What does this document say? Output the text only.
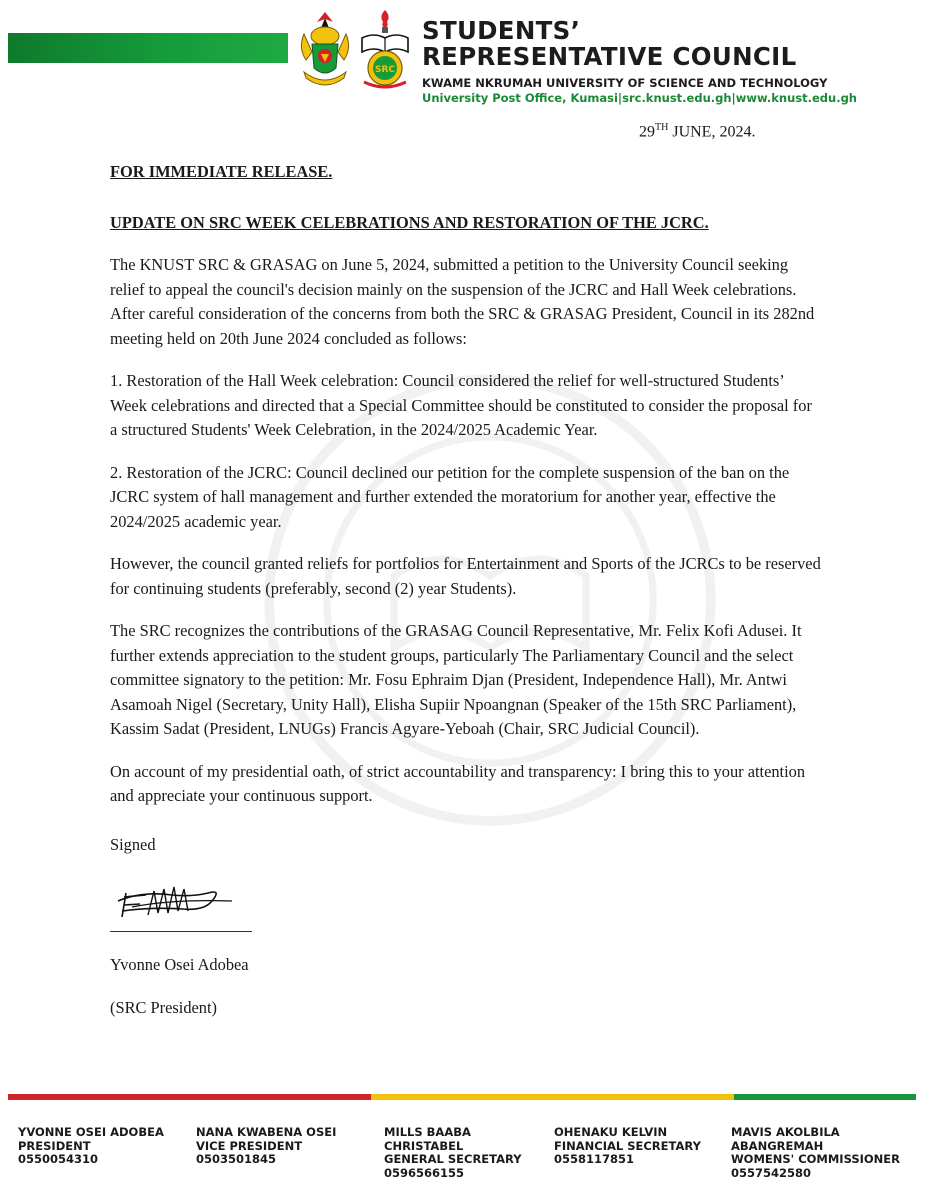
SRC
STUDENTS’
REPRESENTATIVE COUNCIL
KWAME NKRUMAH UNIVERSITY OF SCIENCE AND TECHNOLOGY
University Post Office, Kumasi|src.knust.edu.gh|www.knust.edu.gh
29TH JUNE, 2024.

FOR IMMEDIATE RELEASE.

UPDATE ON SRC WEEK CELEBRATIONS AND RESTORATION OF THE JCRC.

The KNUST SRC & GRASAG on June 5, 2024, submitted a petition to the University Council seeking relief to appeal the council's decision mainly on the suspension of the JCRC and Hall Week celebrations. After careful consideration of the concerns from both the SRC & GRASAG President, Council in its 282nd meeting held on 20th June 2024 concluded as follows:

1. Restoration of the Hall Week celebration: Council considered the relief for well-structured Students’ Week celebrations and directed that a Special Committee should be constituted to consider the proposal for a structured Students' Week Celebration, in the 2024/2025 Academic Year.

2. Restoration of the JCRC: Council declined our petition for the complete suspension of the ban on the JCRC system of hall management and further extended the moratorium for another year, effective the 2024/2025 academic year.

However, the council granted reliefs for portfolios for Entertainment and Sports of the JCRCs to be reserved for continuing students (preferably, second (2) year Students).

The SRC recognizes the contributions of the GRASAG Council Representative, Mr. Felix Kofi Adusei. It further extends appreciation to the student groups, particularly The Parliamentary Council and the select committee signatory to the petition: Mr. Fosu Ephraim Djan (President, Independence Hall), Mr. Antwi Asamoah Nigel (Secretary, Unity Hall), Elisha Supiir Npoangnan (Speaker of the 15th SRC Parliament), Kassim Sadat (President, LNUGs) Francis Agyare-Yeboah (Chair, SRC Judicial Council).

On account of my presidential oath, of strict accountability and transparency: I bring this to your attention and appreciate your continuous support.

Signed

Yvonne Osei Adobea

(SRC President)

YVONNE OSEI ADOBEA
PRESIDENT
0550054310
NANA KWABENA OSEI
VICE PRESIDENT
0503501845
MILLS BAABA
CHRISTABEL
GENERAL SECRETARY
0596566155
OHENAKU KELVIN
FINANCIAL SECRETARY
0558117851
MAVIS AKOLBILA
ABANGREMAH
WOMENS' COMMISSIONER
0557542580
